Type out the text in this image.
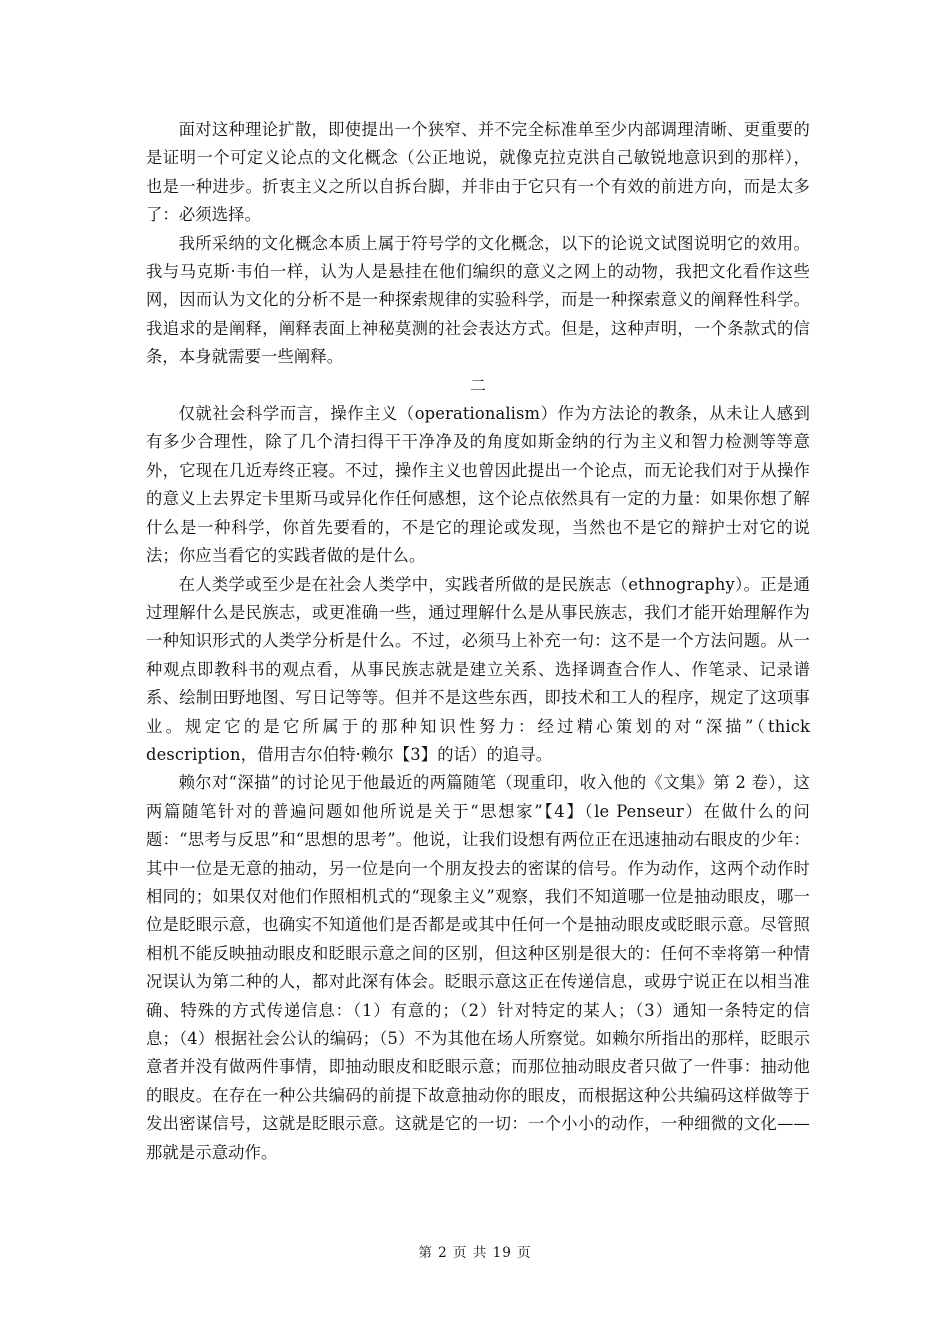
面对这种理论扩散，即使提出一个狭窄、并不完全标准单至少内部调理清晰、更重要的是证明一个可定义论点的文化概念（公正地说，就像克拉克洪自己敏锐地意识到的那样），也是一种进步。折衷主义之所以自拆台脚，并非由于它只有一个有效的前进方向，而是太多了：必须选择。

我所采纳的文化概念本质上属于符号学的文化概念，以下的论说文试图说明它的效用。我与马克斯·韦伯一样，认为人是悬挂在他们编织的意义之网上的动物，我把文化看作这些网，因而认为文化的分析不是一种探索规律的实验科学，而是一种探索意义的阐释性科学。我追求的是阐释，阐释表面上神秘莫测的社会表达方式。但是，这种声明，一个条款式的信条，本身就需要一些阐释。

二

仅就社会科学而言，操作主义（operationalism）作为方法论的教条，从未让人感到有多少合理性，除了几个清扫得干干净净及的角度如斯金纳的行为主义和智力检测等等意外，它现在几近寿终正寝。不过，操作主义也曾因此提出一个论点，而无论我们对于从操作的意义上去界定卡里斯马或异化作任何感想，这个论点依然具有一定的力量：如果你想了解什么是一种科学，你首先要看的，不是它的理论或发现，当然也不是它的辩护士对它的说法；你应当看它的实践者做的是什么。

在人类学或至少是在社会人类学中，实践者所做的是民族志（ethnography）。正是通过理解什么是民族志，或更准确一些，通过理解什么是从事民族志，我们才能开始理解作为一种知识形式的人类学分析是什么。不过，必须马上补充一句：这不是一个方法问题。从一种观点即教科书的观点看，从事民族志就是建立关系、选择调查合作人、作笔录、记录谱系、绘制田野地图、写日记等等。但并不是这些东西，即技术和工人的程序，规定了这项事业。规定它的是它所属于的那种知识性努力：经过精心策划的对“深描”（thick description，借用吉尔伯特·赖尔【3】的话）的追寻。

赖尔对“深描”的讨论见于他最近的两篇随笔（现重印，收入他的《文集》第 2 卷），这两篇随笔针对的普遍问题如他所说是关于“思想家”【4】（le Penseur）在做什么的问题：“思考与反思”和“思想的思考”。他说，让我们设想有两位正在迅速抽动右眼皮的少年：其中一位是无意的抽动，另一位是向一个朋友投去的密谋的信号。作为动作，这两个动作时相同的；如果仅对他们作照相机式的“现象主义”观察，我们不知道哪一位是抽动眼皮，哪一位是眨眼示意，也确实不知道他们是否都是或其中任何一个是抽动眼皮或眨眼示意。尽管照相机不能反映抽动眼皮和眨眼示意之间的区别，但这种区别是很大的：任何不幸将第一种情况误认为第二种的人，都对此深有体会。眨眼示意这正在传递信息，或毋宁说正在以相当准确、特殊的方式传递信息：（1）有意的；（2）针对特定的某人；（3）通知一条特定的信息；（4）根据社会公认的编码；（5）不为其他在场人所察觉。如赖尔所指出的那样，眨眼示意者并没有做两件事情，即抽动眼皮和眨眼示意；而那位抽动眼皮者只做了一件事：抽动他的眼皮。在存在一种公共编码的前提下故意抽动你的眼皮，而根据这种公共编码这样做等于发出密谋信号，这就是眨眼示意。这就是它的一切：一个小小的动作，一种细微的文化——那就是示意动作。

第 2 页 共 19 页
